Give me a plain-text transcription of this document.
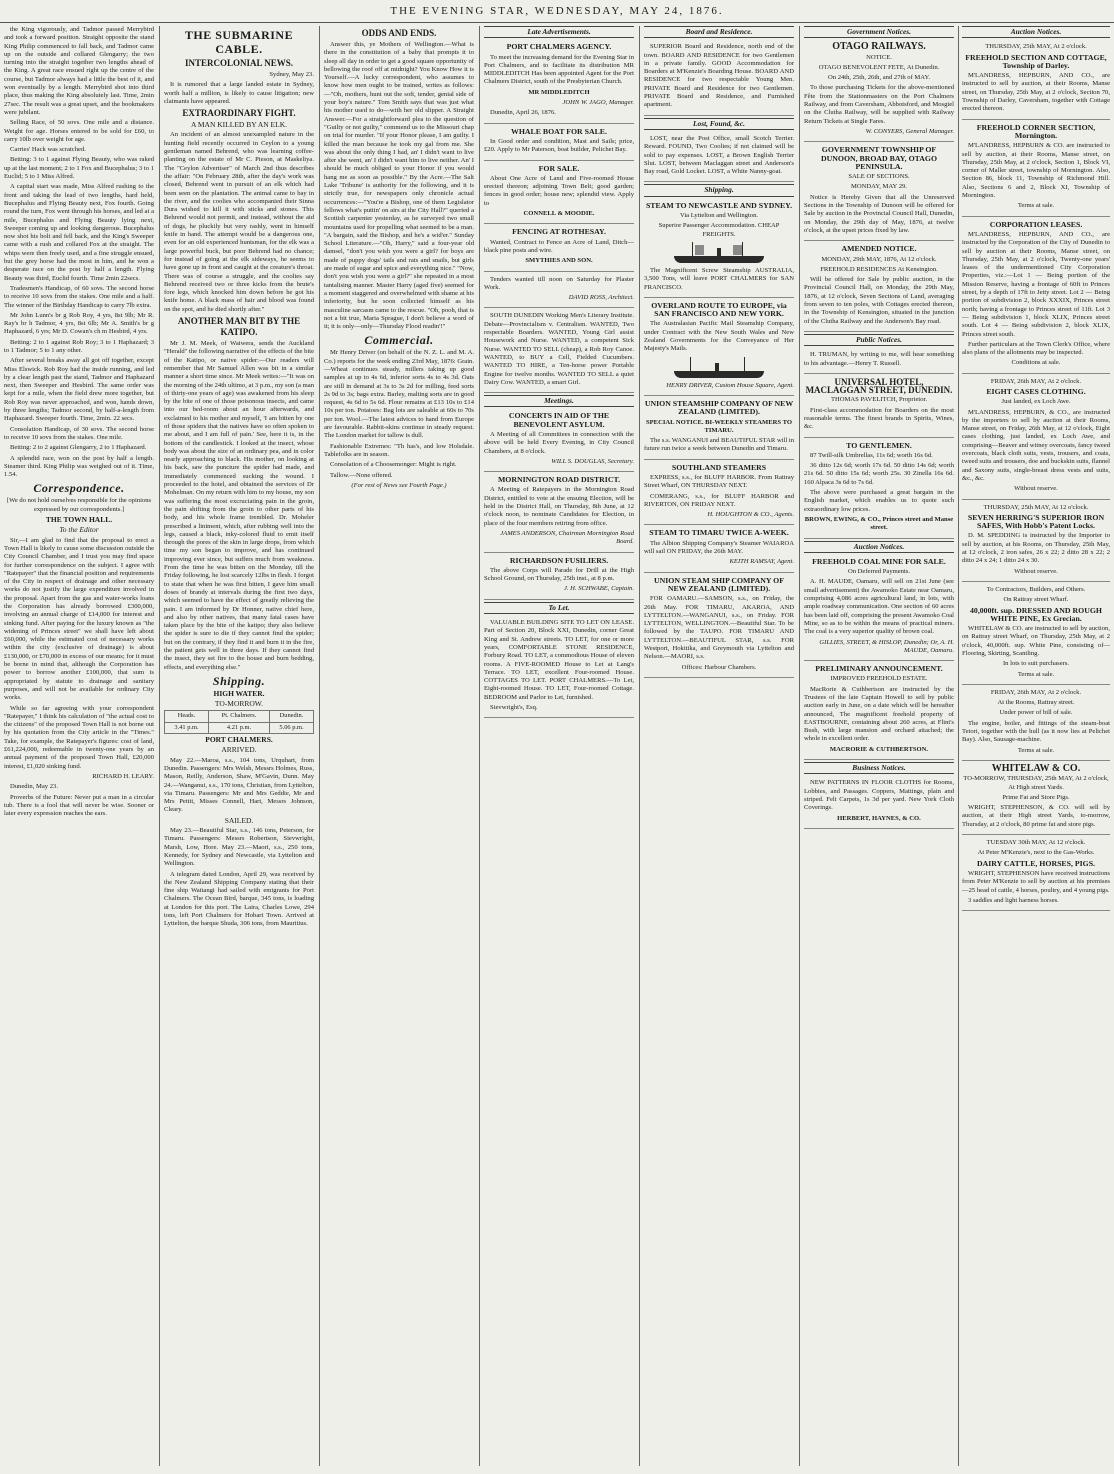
THE EVENING STAR, WEDNESDAY, MAY 24, 1876.

the King vigorously, and Tadmor passed Merrybird and took a forward position. Straight opposite the stand King Philip commenced to fall back, and Tadmor came up on the outside and collared Glengarry; the two turning into the straight together two lengths ahead of the King. A great race ensued right up the centre of the course, but Tadmor always had a little the best of it, and won eventually by a length. Merrybird shot into third place, thus making the King absolutely last. Time, 2min 27sec. The result was a great upset, and the bookmakers were jubilant.

Selling Race, of 50 sovs. One mile and a distance. Weight for age. Horses entered to be sold for £60, to carry 10lb over weight for age.

Carries' Hack was scratched.

Betting: 3 to 1 against Flying Beauty, who was raked up at the last moment; 2 to 1 Fox and Bucephalus; 3 to 1 Euclid; 5 to 1 Miss Alfred.

A capital start was made, Miss Alfred rushing to the front and taking the lead of two lengths, hard held, Bucephalus and Flying Beauty next, Fox fourth. Going round the turn, Fox went through his horses, and led at a mile, Bucephalus and Flying Beauty lying next, Sweeper coming up and looking dangerous. Bucephalus now shot his bolt and fell back, and the King's Sweeper came with a rush and collared Fox at the straight. The whips were then freely used, and a fine struggle ensued, but the grey horse had the most in him, and he won a desperate race on the post by half a length. Flying Beauty was third, Euclid fourth. Time 2min 22secs.

Tradesmen's Handicap, of 60 sovs. The second horse to receive 10 sovs from the stakes. One mile and a half. The winner of the Birthday Handicap to carry 7lb extra.

Mr John Lunn's br g Rob Roy, 4 yrs, 8st 9lb; Mr R. Ray's br h Tadmor, 4 yrs, 8st 6lb; Mr A. Smith's br g Haphazard, 6 yrs; Mr D. Cowan's ch m Hesbird, 4 yrs.

Betting: 2 to 1 against Rob Roy; 3 to 1 Haphazard; 3 to 1 Tadmor; 5 to 1 any other.

After several breaks away all got off together, except Miss Elswick. Rob Roy had the inside running, and led by a clear length past the stand, Tadmor and Haphazard next, then Sweeper and Hesbird. The same order was kept for a mile, when the field drew more together, but Rob Roy was never approached, and won, hands down, by three lengths; Tadmor second, by half-a-length from Haphazard. Sweeper fourth. Time, 2min. 22 secs.

Consolation Handicap, of 30 sovs. The second horse to receive 10 sovs from the stakes. One mile.

Betting: 2 to 2 against Glengarry, 2 to 1 Haphazard.

A splendid race, won on the post by half a length. Steamer third. King Philip was weighed out of it. Time, 1.54.

Correspondence.

[We do not hold ourselves responsible for the opinions expressed by our correspondents.]

THE TOWN HALL.
To the Editor

Sir,—I am glad to find that the proposal to erect a Town Hall is likely to cause some discussion outside the City Council Chamber, and I trust you may find space for further correspondence on the subject. I agree with "Ratepayer" that the financial position and requirements of the City in respect of drainage and other necessary works do not justify the large expenditure involved in the proposal. Apart from the gas and water-works loans the Corporation has already borrowed £300,000, involving an annual charge of £14,000 for interest and sinking fund. After paying for the luxury known as "the widening of Princes street" we shall have left about £60,000, while the estimated cost of necessary works within the city (exclusive of drainage) is about £130,000, or £70,000 in excess of our means; for it must be borne in mind that, although the Corporation has power to borrow another £100,000, that sum is appropriated by statute to drainage and sanitary purposes, and will not be available for ordinary City works.

While so far agreeing with your correspondent "Ratepayer," I think his calculation of "the actual cost to the citizens" of the proposed Town Hall is not borne out by his quotation from the City article in the "Times." Take, for example, the Ratepayer's figures: cost of land, £61,224,000, redeemable in twenty-one years by an annual payment of the proposed Town Hall, £20,000 interest, £1,020 sinking fund.

RICHARD H. LEARY.

Dunedin, May 23.

Proverbs of the Future: Never put a man in a circular tub. There is a fool that will never be wise. Sooner or later every expression reaches the ears.

THE SUBMARINE CABLE.
INTERCOLONIAL NEWS.

Sydney, May 23.

It is rumored that a large landed estate in Sydney, worth half a million, is likely to cause litigation; new claimants have appeared.

EXTRAORDINARY FIGHT.
A MAN KILLED BY AN ELK.

An incident of an almost unexampled nature in the hunting field recently occurred in Ceylon to a young gentleman named Behrend, who was learning coffee-planting on the estate of Mr C. Pieson, at Maskeliya. The "Ceylon Advertiser" of March 2nd thus describes the affair: "On February 28th, after the day's work was closed, Behrend went in pursuit of an elk which had been seen on the plantation. The animal came to bay in the river, and the coolies who accompanied their Sinna Dura wished to kill it with sticks and stones. This Behrend would not permit, and instead, without the aid of dogs, he pluckily but very rashly, went in himself knife in hand. The attempt would be a dangerous one, even for an old experienced huntsman, for the elk was a large powerful buck, but poor Behrend had no chance; for instead of going at the elk sideways, he seems to have gone up in front and caught at the creature's throat. There was of course a struggle, and the coolies say Behrend received two or three kicks from the brute's fore legs, which knocked him down before he got his knife home. A black mass of hair and blood was found on the spot, and he died shortly after."

ANOTHER MAN BIT BY THE KATIPO.

Mr J. M. Meek, of Waiwera, sends the Auckland "Herald" the following narrative of the effects of the bite of the Katipo, or native spider:—Our readers will remember that Mr Samuel Allen was bit in a similar manner a short time since. Mr Meek writes:—"It was on the morning of the 24th ultimo, at 3 p.m., my son (a man of thirty-one years of age) was awakened from his sleep by the bite of one of those poisonous insects, and came into our bed-room about an hour afterwards, and exclaimed to his mother and myself, 'I am bitten by one of those spiders that the natives have so often spoken to me about, and I am full of pain.' See, here it is, in the bottom of the candlestick. I looked at the insect, whose body was about the size of an ordinary pea, and in color nearly approaching to black. His mother, on looking at his back, saw the puncture the spider had made, and immediately commenced sucking the wound. I proceeded to the hotel, and obtained the services of Dr Mohelman. On my return with him to my house, my son was suffering the most excruciating pain in the groin, the pain shifting from the groin to other parts of his body, and his whole frame trembled. Dr. Moheler prescribed a liniment, which, after rubbing well into the legs, caused a black, inky-colored fluid to emit itself through the pores of the skin in large drops, from which time my son began to improve, and has continued improving ever since, but suffers much from weakness. From the time he was bitten on the Monday, till the Friday following, he lost scarcely 12lbs in flesh. I forgot to state that when he was first bitten, I gave him small doses of brandy at intervals during the first two days, which seemed to have the effect of greatly relieving the pain. I am informed by Dr Honner, native chief here, and also by other natives, that many fatal cases have taken place by the bite of the katipo; they also believe the spider is sure to die if they cannot find the spider; but on the contrary, if they find it and burn it in the fire, the patient gets well in three days. If they cannot find the insect, they set fire to the house and burn bedding, effects, and everything else."

Shipping.
HIGH WATER.
TO-MORROW.
Heads.	Pt. Chalmers.	Dunedin.
3.41 p.m.	4.21 p.m.	5.06 p.m.
PORT CHALMERS.
ARRIVED.

May 22.—Maroa, s.s., 104 tons, Urquhart, from Dunedin. Passengers: Mrs Welsh, Messrs Holmes, Russ, Mason, Reilly, Anderson, Shaw, M'Gavin, Dunn. May 24.—Wanganui, s.s., 170 tons, Christian, from Lyttelton, via Timaru. Passengers: Mr and Mrs Geddie, Mr and Mrs Pettit, Misses Connell, Hart, Messrs Johnson, Cleary.

SAILED.

May 23.—Beautiful Star, s.s., 146 tons, Peterson, for Timaru. Passengers: Messrs Robertson, Sievwright, Marsh, Low, Hore. May 23.—Maori, s.s., 250 tons, Kennedy, for Sydney and Newcastle, via Lyttelton and Wellington.

A telegram dated London, April 29, was received by the New Zealand Shipping Company stating that their fine ship Waitangi had sailed with emigrants for Port Chalmers. The Ocean Bird, barque, 345 tons, is loading at London for this port. The Laira, Charles Lowe, 294 tons, left Port Chalmers for Hobart Town. Arrived at Lyttelton, the barque Shuda, 306 tons, from Mauritius.

ODDS AND ENDS.

Answer this, ye Mothers of Wellington.—What is there in the constitution of a baby that prompts it to sleep all day in order to get a good square opportunity of bellowing the roof off at midnight? You Know How it is Yourself.—A lucky correspondent, who assumes to know how men ought to be trained, writes as follows:—"Oh, mothers, hunt out the soft, tender, genial side of your boy's nature." Tom Smith says that was just what his mother used to do—with her old slipper. A Straight Answer.—For a straightforward plea to the question of "Guilty or not guilty," commend us to the Missouri chap on trial for murder. "If your Honor please, I am guilty. I killed the man because he took my gal from me. She was about the only thing I had, an' I didn't want to live after she went, an' I didn't want him to live neither. An' I should be much obliged to your Honor if you would hang me as soon as possible." By the Acre.—The Salt Lake 'Tribune' is authority for the following, and it is strictly true, for newspapers only chronicle actual occurrences:—"You're a Bishop, one of them Legislator fellows what's puttin' on airs at the City Hall?" queried a Scottish carpenter yesterday, as he surveyed two small mountains used for propelling what seemed to be a man. "A bargain, said the Bishop, and he's a wid'er." Sunday School Literature.—"Oh, Harry," said a four-year old damsel, "don't you wish you were a girl? for boys are made of puppy dogs' tails and rats and snails, but girls are made of sugar and spice and everything nice." "Now, don't you wish you were a girl?" she repeated in a most tantalising manner. Master Harry (aged five) seemed for a moment staggered and overwhelmed with shame at his inferiority, but he soon collected himself as his masculine sarcasm came to the rescue. "Oh, pooh, that is not a bit true, Maria Sprague, I don't believe a word of it; it is only—only—Thursday Flood readin'!"

Commercial.

Mr Henry Driver (on behalf of the N. Z. L. and M. A. Co.) reports for the week ending 23rd May, 1876: Grain.—Wheat continues steady, millers taking up good samples at up to 4s 6d, inferior sorts 4s to 4s 3d. Oats are still in demand at 3s to 3s 2d for milling, feed sorts 2s 9d to 3s; bags extra. Barley, malting sorts are in good request, 4s 6d to 5s 6d. Flour remains at £13 10s to £14 10s per ton. Potatoes: Bag lots are saleable at 60s to 70s per ton. Wool.—The latest advices to hand from Europe are favourable. Rabbit-skins continue in steady request. The London market for tallow is dull.

Fashionable Extremes: "Th has's, and low Holsdale. Tablefolks are in season.

Consolation of a Choosemonger: Might is right.

Tallow.—None offered.

(For rest of News see Fourth Page.)

Late Advertisements.

PORT CHALMERS AGENCY.

To meet the increasing demand for the Evening Star in Port Chalmers, and to facilitate its distribution MR MIDDLEDITCH Has been appointed Agent for the Port Chalmers District, south of the Presbyterian Church.

MR MIDDLEDITCH

JOHN W. JAGO, Manager.

Dunedin, April 26, 1876.

WHALE BOAT FOR SALE.

In Good order and condition, Mast and Sails; price, £20. Apply to Mr Paterson, boat builder, Pelichet Bay.

FOR SALE.

About One Acre of Land and Five-roomed House erected thereon; adjoining Town Belt; good garden; fences in good order; house new; splendid view. Apply to

CONNELL & MOODIE.

FENCING AT ROTHESAY.

Wanted, Contract to Fence an Acre of Land, Ditch—black pine posts and wire.

SMYTHIES AND SON.

Tenders wanted till noon on Saturday for Plaster Work.

DAVID ROSS, Architect.

SOUTH DUNEDIN Working Men's Literary Institute. Debate—Provincialism v. Centralism. WANTED, Two respectable Boarders. WANTED, Young Girl assist Housework and Nurse. WANTED, a competent Sick Nurse. WANTED TO SELL (cheap), a Rob Roy Canoe. WANTED, to BUY a Cell, Fielded Cucumbers. WANTED TO HIRE, a Ten-horse power Portable Engine for twelve months. WANTED TO SELL a quiet Dairy Cow. WANTED, a smart Girl.

Meetings.

CONCERTS IN AID OF THE BENEVOLENT ASYLUM.

A Meeting of all Committees in connection with the above will be held Every Evening, in City Council Chambers, at 8 o'clock.

WILL S. DOUGLAS, Secretary.

MORNINGTON ROAD DISTRICT.

A Meeting of Ratepayers in the Mornington Road District, entitled to vote at the ensuing Election, will be held in the District Hall, on Thursday, 8th June, at 12 o'clock noon, to nominate Candidates for Election, in place of the four members retiring from office.

JAMES ANDERSON, Chairman Mornington Road Board.

RICHARDSON FUSILIERS.

The above Corps will Parade for Drill at the High School Ground, on Thursday, 25th inst., at 8 p.m.

J. H. SCHWABE, Captain.

To Let.

VALUABLE BUILDING SITE TO LET ON LEASE. Part of Section 20, Block XXI, Dunedin, corner Great King and St. Andrew streets. TO LET, for one or more years, COMFORTABLE STONE RESIDENCE, Forbury Road. TO LET, a commodious House of eleven rooms. A FIVE-ROOMED House to Let at Lang's Terrace. TO LET, excellent Four-roomed House. COTTAGES TO LET. PORT CHALMERS.—To Let, Eight-roomed House. TO LET, Four-roomed Cottage. BEDROOM and Parlor to Let, furnished.

Sievwright's, Esq.

Board and Residence.

SUPERIOR Board and Residence, north end of the town. BOARD AND RESIDENCE for two Gentlemen in a private family. GOOD Accommodation for Boarders at M'Kenzie's Boarding House. BOARD AND RESIDENCE for two respectable Young Men. PRIVATE Board and Residence for two Gentlemen. PRIVATE Board and Residence, and Furnished apartment.

Lost, Found, &c.

LOST, near the Post Office, small Scotch Terrier. Reward. FOUND, Two Coolies; if not claimed will be sold to pay expenses. LOST, a Brown English Terrier Slut. LOST, between Maclaggan street and Anderson's Bay road, Gold Locket. LOST, a White Nanny-goat.

Shipping.

STEAM TO NEWCASTLE AND SYDNEY.

Via Lyttelton and Wellington.

Superior Passenger Accommodation. CHEAP FREIGHTS.

The Magnificent Screw Steamship AUSTRALIA, 3,500 Tons, will leave PORT CHALMERS for SAN FRANCISCO.

OVERLAND ROUTE TO EUROPE, via SAN FRANCISCO AND NEW YORK.

The Australasian Pacific Mail Steamship Company, under Contract with the New South Wales and New Zealand Governments for the Conveyance of Her Majesty's Mails.

HENRY DRIVER, Custom House Square, Agent.

UNION STEAMSHIP COMPANY OF NEW ZEALAND (LIMITED).

SPECIAL NOTICE. BI-WEEKLY STEAMERS TO TIMARU.

The s.s. WANGANUI and BEAUTIFUL STAR will in future run twice a week between Dunedin and Timaru.

SOUTHLAND STEAMERS

EXPRESS, s.s., for BLUFF HARBOR. From Rattray Street Wharf, ON THURSDAY NEXT.

COMERANG, s.s., for BLUFF HARBOR and RIVERTON, ON FRIDAY NEXT.

H. HOUGHTON & CO., Agents.

STEAM TO TIMARU TWICE A-WEEK.

The Albion Shipping Company's Steamer WAIAROA will sail ON FRIDAY, the 26th MAY.

KEITH RAMSAY, Agent.

UNION STEAM SHIP COMPANY OF NEW ZEALAND (LIMITED).

FOR OAMARU.—SAMSON, s.s., on Friday, the 26th May. FOR TIMARU, AKAROA, AND LYTTELTON.—WANGANUI, s.s., on Friday. FOR LYTTELTON, WELLINGTON.—Beautiful Star. To be followed by the TAUPO. FOR TIMARU AND LYTTELTON.—BEAUTIFUL STAR, s.s. FOR Westport, Hokitika, and Greymouth via Lyttelton and Nelson.—MAORI, s.s.

Offices: Harbour Chambers.

Government Notices.

OTAGO RAILWAYS.

NOTICE.

OTAGO BENEVOLENT FETE, At Dunedin.

On 24th, 25th, 26th, and 27th of MAY.

To those purchasing Tickets for the above-mentioned Fête from the Stationmasters on the Port Chalmers Railway, and from Caversham, Abbotsford, and Mosgiel on the Clutha Railway, will be supplied with Railway Return Tickets at Single Fares.

W. CONYERS, General Manager.

GOVERNMENT TOWNSHIP OF DUNOON, BROAD BAY, OTAGO PENINSULA.

SALE OF SECTIONS.

MONDAY, MAY 29.

Notice is Hereby Given that all the Unreserved Sections in the Township of Dunoon will be offered for Sale by auction in the Provincial Council Hall, Dunedin, on Monday, the 29th day of May, 1876, at twelve o'clock, at the upset prices fixed by law.

AMENDED NOTICE.

MONDAY, 29th MAY, 1876, At 12 o'clock.

FREEHOLD RESIDENCES At Kensington.

Will be offered for Sale by public auction, in the Provincial Council Hall, on Monday, the 29th May, 1876, at 12 o'clock, Seven Sections of Land, averaging from seven to ten poles, with Cottages erected thereon, in the Township of Kensington, situated in the junction of the Clutha Railway and the Anderson's Bay road.

Public Notices.

H. TRUMAN, by writing to me, will hear something to his advantage.—Henry T. Russell.

UNIVERSAL HOTEL, MACLAGGAN STREET, DUNEDIN.

THOMAS PAVELITCH, Proprietor.

First-class accommodation for Boarders on the most reasonable terms. The finest brands in Spirits, Wines, &c.

TO GENTLEMEN.

87 Twill-silk Umbrellas, 11s 6d; worth 16s 6d.

36 ditto 12s 6d; worth 17s 6d. 50 ditto 14s 6d; worth 21s 6d. 50 ditto 15s 6d; worth 25s. 30 Zinella 16s 6d. 160 Alpaca 3s 6d to 7s 6d.

The above were purchased a great bargain in the English market, which enables us to quote such extraordinary low prices.

BROWN, EWING, & CO., Princes street and Manse street.

Auction Notices.

FREEHOLD COAL MINE FOR SALE.

On Deferred Payments.

A. H. MAUDE, Oamaru, will sell on 21st June (see small advertisement) the Awamoko Estate near Oamaru, comprising 4,086 acres agricultural land, in lots, with ample roadway communication. One section of 60 acres has been laid off, comprising the present Awamoko Coal Mine, so as to be within the means of practical miners. The coal is a very superior quality of brown coal.

GILLIES, STREET, & HISLOP, Dunedin; Or, A. H. MAUDE, Oamaru.

PRELIMINARY ANNOUNCEMENT.

IMPROVED FREEHOLD ESTATE.

MacRorie & Cuthbertson are instructed by the Trustees of the late Captain Howell to sell by public auction early in June, on a date which will be hereafter announced, The magnificent freehold property of EASTBOURNE, containing about 260 acres, at Flint's Bush, with large mansion and orchard attached; the whole in excellent order.

MACRORIE & CUTHBERTSON.

Business Notices.

NEW PATTERNS IN FLOOR CLOTHS for Rooms, Lobbies, and Passages. Coppers, Mattings, plain and striped. Felt Carpets, 1s 3d per yard. New York Cloth Coverings.

HERBERT, HAYNES, & CO.

Auction Notices.

THURSDAY, 25th MAY, At 2 o'clock.

FREEHOLD SECTION AND COTTAGE, Township of Darley.

M'LANDRESS, HEPBURN, AND CO., are instructed to sell by auction, at their Rooms, Manse street, on Thursday, 25th May, at 2 o'clock, Section 70, Township of Darley, Caversham, together with Cottage erected thereon.

FREEHOLD CORNER SECTION, Mornington.

M'LANDRESS, HEPBURN & CO. are instructed to sell by auction, at their Rooms, Manse street, on Thursday, 25th May, at 2 o'clock, Section 1, Block VI, corner of Maller street, township of Mornington. Also, Section 86, block 11, Township of Richmond Hill. Also, Sections 6 and 2, Block XI, Township of Mornington.

Terms at sale.

CORPORATION LEASES.

M'LANDRESS, HEPBURN, AND CO., are instructed by the Corporation of the City of Dunedin to sell by auction at their Rooms, Manse street, on Thursday, 25th May, at 2 o'clock, Twenty-one years' leases of the undermentioned City Corporation Properties, viz.:—Lot 1 — Being portion of the Mission Reserve, having a frontage of 60ft to Princes street, by a depth of 17ft to Jetty street. Lot 2 — Being portion of subdivision 2, block XXXIX, Princes street north; having a frontage to Princes street of 11ft. Lot 3 — Being subdivision 1, block XLIX, Princes street south. Lot 4 — Being subdivision 2, block XLIX, Princes street south.

Further particulars at the Town Clerk's Office, where also plans of the allotments may be inspected.

Conditions at sale.

FRIDAY, 26th MAY, At 2 o'clock.

EIGHT CASES CLOTHING.

Just landed, ex Loch Awe.

M'LANDRESS, HEPBURN, & CO., are instructed by the importers to sell by auction at their Rooms, Manse street, on Friday, 26th May, at 12 o'clock, Eight cases clothing, just landed, ex Loch Awe, and comprising—Beaver and witney overcoats, fancy tweed overcoats, black cloth suits, vests, trousers, and coats, tweed suits and trousers, doe and buckskin suits, flannel and Saxony suits, single-breast dress vests and suits, &c., &c.

Without reserve.

THURSDAY, 25th MAY, At 12 o'clock.

SEVEN HERRING'S SUPERIOR IRON SAFES, With Hobb's Patent Locks.

D. M. SPEDDING is instructed by the Importer to sell by auction, at his Rooms, on Thursday, 25th May, at 12 o'clock, 2 iron safes, 26 x 22; 2 ditto 28 x 22; 2 ditto 24 x 24; 1 ditto 24 x 30.

Without reserve.

To Contractors, Builders, and Others.

On Rattray street Wharf.

40,000ft. sup. DRESSED AND ROUGH WHITE PINE, Ex Grecian.

WHITELAW & CO. are instructed to sell by auction, on Rattray street Wharf, on Thursday, 25th May, at 2 o'clock, 40,000ft. sup. White Pine, consisting of—Flooring, Skirting, Scantling.

In lots to suit purchasers.

Terms at sale.

FRIDAY, 26th MAY, At 2 o'clock.

At the Rooms, Rattray street.

Under power of bill of sale.

The engine, boiler, and fittings of the steam-boat Tetori, together with the hull (as it now lies at Pelichet Bay). Also, Sausage-machine.

Terms at sale.

WHITELAW & CO.

TO-MORROW, THURSDAY, 25th MAY, At 2 o'clock, At High street Yards.

Prime Fat and Store Pigs.

WRIGHT, STEPHENSON, & CO. will sell by auction, at their High street Yards, to-morrow, Thursday, at 2 o'clock, 80 prime fat and store pigs.

TUESDAY 30th MAY, At 12 o'clock.

At Peter M'Kenzie's, next to the Gas-Works.

DAIRY CATTLE, HORSES, PIGS.

WRIGHT, STEPHENSON have received instructions from Peter M'Kenzie to sell by auction at his premises—25 head of cattle, 4 horses, poultry, and 4 young pigs.

3 saddles and light harness horses.
